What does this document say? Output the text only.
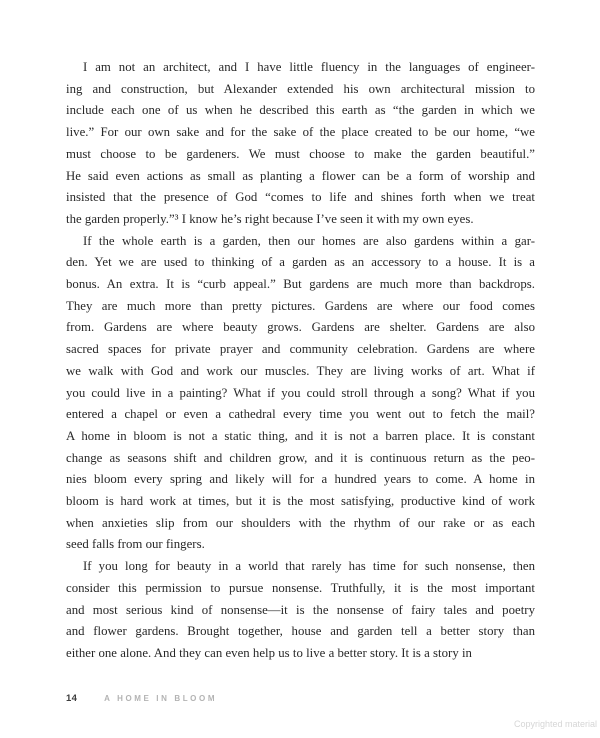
I am not an architect, and I have little fluency in the languages of engineer-
ing and construction, but Alexander extended his own architectural mission to
include each one of us when he described this earth as “the garden in which we
live.” For our own sake and for the sake of the place created to be our home, “we
must choose to be gardeners. We must choose to make the garden beautiful.”
He said even actions as small as planting a flower can be a form of worship and
insisted that the presence of God “comes to life and shines forth when we treat
the garden properly.”³ I know he’s right because I’ve seen it with my own eyes.
If the whole earth is a garden, then our homes are also gardens within a gar-
den. Yet we are used to thinking of a garden as an accessory to a house. It is a
bonus. An extra. It is “curb appeal.” But gardens are much more than backdrops.
They are much more than pretty pictures. Gardens are where our food comes
from. Gardens are where beauty grows. Gardens are shelter. Gardens are also
sacred spaces for private prayer and community celebration. Gardens are where
we walk with God and work our muscles. They are living works of art. What if
you could live in a painting? What if you could stroll through a song? What if you
entered a chapel or even a cathedral every time you went out to fetch the mail?
A home in bloom is not a static thing, and it is not a barren place. It is constant
change as seasons shift and children grow, and it is continuous return as the peo-
nies bloom every spring and likely will for a hundred years to come. A home in
bloom is hard work at times, but it is the most satisfying, productive kind of work
when anxieties slip from our shoulders with the rhythm of our rake or as each
seed falls from our fingers.
If you long for beauty in a world that rarely has time for such nonsense, then
consider this permission to pursue nonsense. Truthfully, it is the most important
and most serious kind of nonsense—it is the nonsense of fairy tales and poetry
and flower gardens. Brought together, house and garden tell a better story than
either one alone. And they can even help us to live a better story. It is a story in
14	A HOME IN BLOOM
Copyrighted material
